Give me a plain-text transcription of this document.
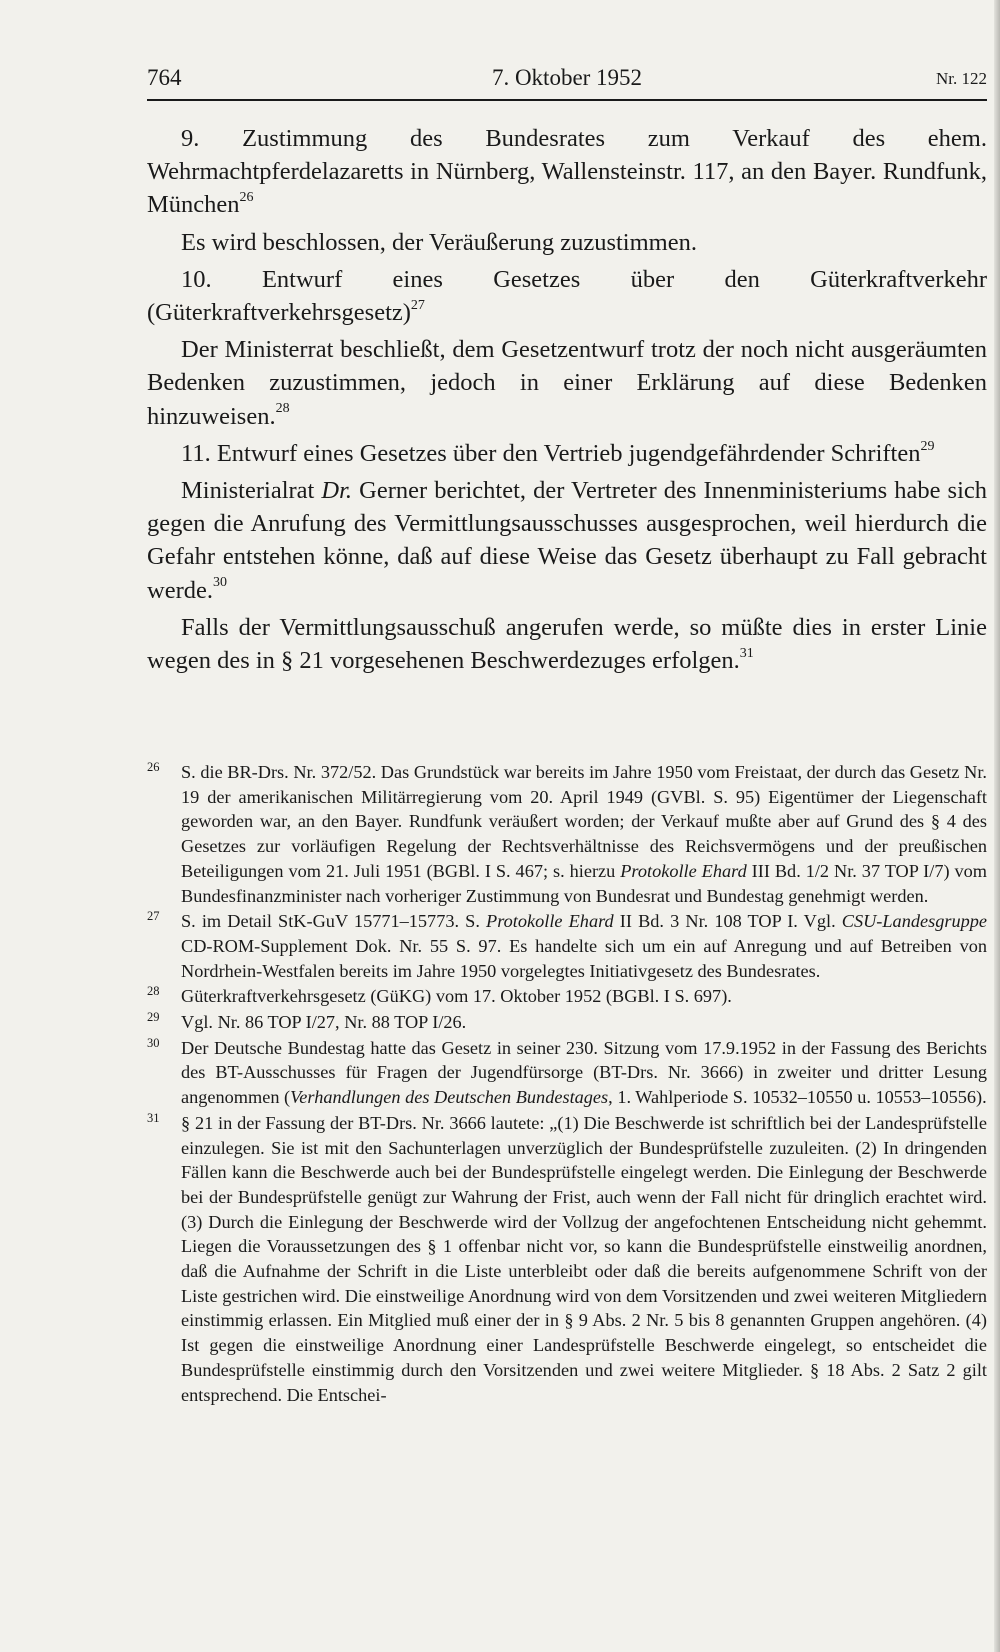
764	7. Oktober 1952	Nr. 122

9. Zustimmung des Bundesrates zum Verkauf des ehem. Wehrmachtpferdelazaretts in Nürnberg, Wallensteinstr. 117, an den Bayer. Rundfunk, München$^{26}$

Es wird beschlossen, der Veräußerung zuzustimmen.

10. Entwurf eines Gesetzes über den Güterkraftverkehr (Güterkraftverkehrsgesetz)$^{27}$

Der Ministerrat beschließt, dem Gesetzentwurf trotz der noch nicht ausgeräumten Bedenken zuzustimmen, jedoch in einer Erklärung auf diese Bedenken hinzuweisen.$^{28}$

11. Entwurf eines Gesetzes über den Vertrieb jugendgefährdender Schriften$^{29}$

Ministerialrat Dr. Gerner berichtet, der Vertreter des Innenministeriums habe sich gegen die Anrufung des Vermittlungsausschusses ausgesprochen, weil hierdurch die Gefahr entstehen könne, daß auf diese Weise das Gesetz überhaupt zu Fall gebracht werde.$^{30}$

Falls der Vermittlungsausschuß angerufen werde, so müßte dies in erster Linie wegen des in § 21 vorgesehenen Beschwerdezuges erfolgen.$^{31}$

26 S. die BR-Drs. Nr. 372/52. Das Grundstück war bereits im Jahre 1950 vom Freistaat, der durch das Gesetz Nr. 19 der amerikanischen Militärregierung vom 20. April 1949 (GVBl. S. 95) Eigentümer der Liegenschaft geworden war, an den Bayer. Rundfunk veräußert worden; der Verkauf mußte aber auf Grund des § 4 des Gesetzes zur vorläufigen Regelung der Rechtsverhältnisse des Reichsvermögens und der preußischen Beteiligungen vom 21. Juli 1951 (BGBl. I S. 467; s. hierzu Protokolle Ehard III Bd. 1/2 Nr. 37 TOP I/7) vom Bundesfinanzminister nach vorheriger Zustimmung von Bundesrat und Bundestag genehmigt werden.
27 S. im Detail StK-GuV 15771–15773. S. Protokolle Ehard II Bd. 3 Nr. 108 TOP I. Vgl. CSU-Landesgruppe CD-ROM-Supplement Dok. Nr. 55 S. 97. Es handelte sich um ein auf Anregung und auf Betreiben von Nordrhein-Westfalen bereits im Jahre 1950 vorgelegtes Initiativgesetz des Bundesrates.
28 Güterkraftverkehrsgesetz (GüKG) vom 17. Oktober 1952 (BGBl. I S. 697).
29 Vgl. Nr. 86 TOP I/27, Nr. 88 TOP I/26.
30 Der Deutsche Bundestag hatte das Gesetz in seiner 230. Sitzung vom 17.9.1952 in der Fassung des Berichts des BT-Ausschusses für Fragen der Jugendfürsorge (BT-Drs. Nr. 3666) in zweiter und dritter Lesung angenommen (Verhandlungen des Deutschen Bundestages, 1. Wahlperiode S. 10532–10550 u. 10553–10556).
31 § 21 in der Fassung der BT-Drs. Nr. 3666 lautete: „(1) Die Beschwerde ist schriftlich bei der Landesprüfstelle einzulegen. Sie ist mit den Sachunterlagen unverzüglich der Bundesprüfstelle zuzuleiten. (2) In dringenden Fällen kann die Beschwerde auch bei der Bundesprüfstelle eingelegt werden. Die Einlegung der Beschwerde bei der Bundesprüfstelle genügt zur Wahrung der Frist, auch wenn der Fall nicht für dringlich erachtet wird. (3) Durch die Einlegung der Beschwerde wird der Vollzug der angefochtenen Entscheidung nicht gehemmt. Liegen die Voraussetzungen des § 1 offenbar nicht vor, so kann die Bundesprüfstelle einstweilig anordnen, daß die Aufnahme der Schrift in die Liste unterbleibt oder daß die bereits aufgenommene Schrift von der Liste gestrichen wird. Die einstweilige Anordnung wird von dem Vorsitzenden und zwei weiteren Mitgliedern einstimmig erlassen. Ein Mitglied muß einer der in § 9 Abs. 2 Nr. 5 bis 8 genannten Gruppen angehören. (4) Ist gegen die einstweilige Anordnung einer Landesprüfstelle Beschwerde eingelegt, so entscheidet die Bundesprüfstelle einstimmig durch den Vorsitzenden und zwei weitere Mitglieder. § 18 Abs. 2 Satz 2 gilt entsprechend. Die Entschei-
